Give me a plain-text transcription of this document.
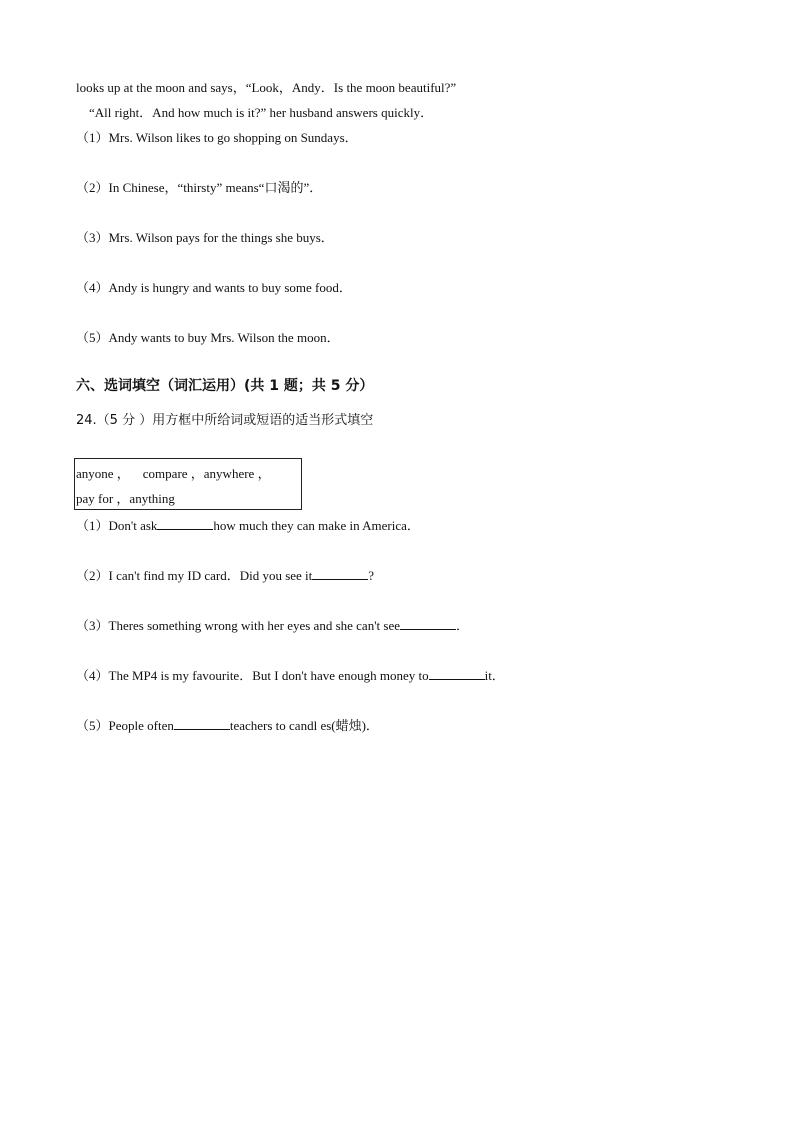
looks up at the moon and says，“Look，Andy．Is the moon beautiful?”
“All right．And how much is it?” her husband answers quickly．
（1）Mrs. Wilson likes to go shopping on Sundays．
（2）In Chinese，“thirsty” means“口渴的”．
（3）Mrs. Wilson pays for the things she buys．
（4）Andy is hungry and wants to buy some food．
（5）Andy wants to buy Mrs. Wilson the moon．
六、选词填空（词汇运用）(共 1 题；共 5 分）
24.（5 分 ）用方框中所给词或短语的适当形式填空
anyone ，    compare ，anywhere ，
pay for ，anything
（1）Don't ask	how much they can make in America．
（2）I can't find my ID card．Did you see it	?
（3）Theres something wrong with her eyes and she can't see	．
（4）The MP4 is my favourite．But I don't have enough money to	it．
（5）People often	teachers to candl es(蜡烛)．
